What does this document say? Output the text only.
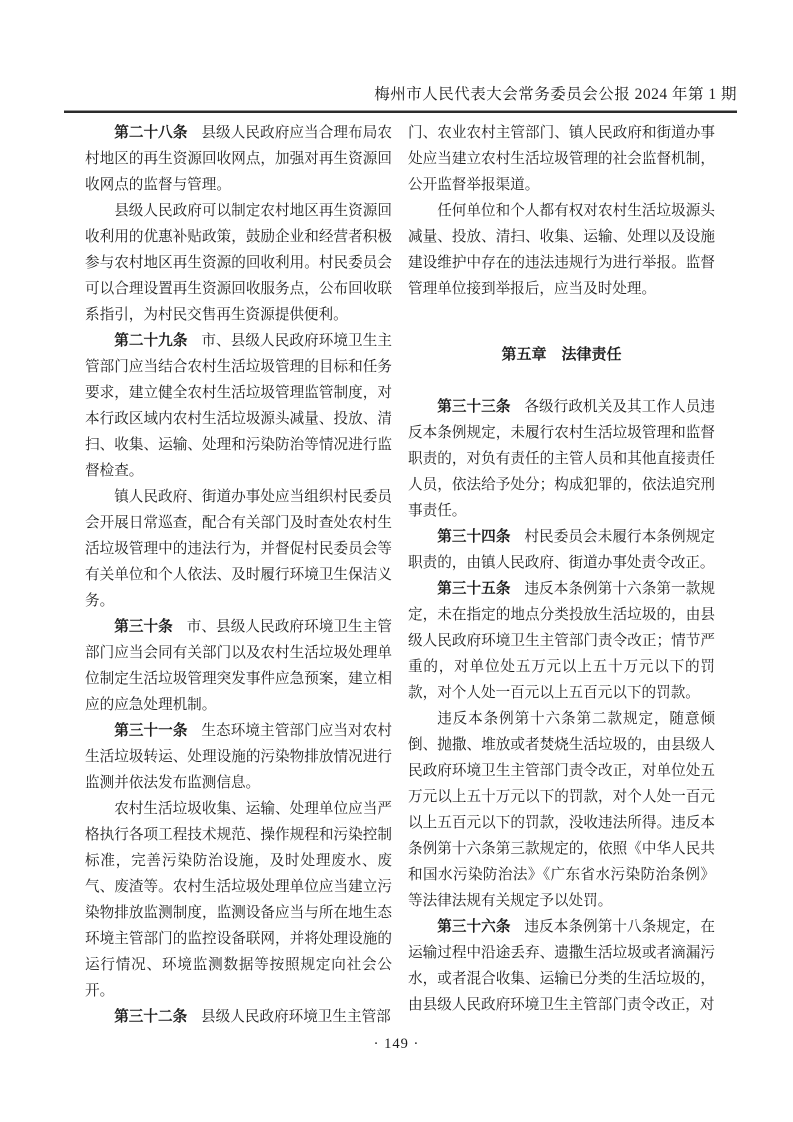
梅州市人民代表大会常务委员会公报 2024 年第 1 期

第二十八条 县级人民政府应当合理布局农村地区的再生资源回收网点，加强对再生资源回收网点的监督与管理。

县级人民政府可以制定农村地区再生资源回收利用的优惠补贴政策，鼓励企业和经营者积极参与农村地区再生资源的回收利用。村民委员会可以合理设置再生资源回收服务点，公布回收联系指引，为村民交售再生资源提供便利。

第二十九条 市、县级人民政府环境卫生主管部门应当结合农村生活垃圾管理的目标和任务要求，建立健全农村生活垃圾管理监管制度，对本行政区域内农村生活垃圾源头减量、投放、清扫、收集、运输、处理和污染防治等情况进行监督检查。

镇人民政府、街道办事处应当组织村民委员会开展日常巡查，配合有关部门及时查处农村生活垃圾管理中的违法行为，并督促村民委员会等有关单位和个人依法、及时履行环境卫生保洁义务。

第三十条 市、县级人民政府环境卫生主管部门应当会同有关部门以及农村生活垃圾处理单位制定生活垃圾管理突发事件应急预案，建立相应的应急处理机制。

第三十一条 生态环境主管部门应当对农村生活垃圾转运、处理设施的污染物排放情况进行监测并依法发布监测信息。

农村生活垃圾收集、运输、处理单位应当严格执行各项工程技术规范、操作规程和污染控制标准，完善污染防治设施，及时处理废水、废气、废渣等。农村生活垃圾处理单位应当建立污染物排放监测制度，监测设备应当与所在地生态环境主管部门的监控设备联网，并将处理设施的运行情况、环境监测数据等按照规定向社会公开。

第三十二条 县级人民政府环境卫生主管部

门、农业农村主管部门、镇人民政府和街道办事处应当建立农村生活垃圾管理的社会监督机制，公开监督举报渠道。

任何单位和个人都有权对农村生活垃圾源头减量、投放、清扫、收集、运输、处理以及设施建设维护中存在的违法违规行为进行举报。监督管理单位接到举报后，应当及时处理。

第五章　法律责任

第三十三条 各级行政机关及其工作人员违反本条例规定，未履行农村生活垃圾管理和监督职责的，对负有责任的主管人员和其他直接责任人员，依法给予处分；构成犯罪的，依法追究刑事责任。

第三十四条 村民委员会未履行本条例规定职责的，由镇人民政府、街道办事处责令改正。

第三十五条 违反本条例第十六条第一款规定，未在指定的地点分类投放生活垃圾的，由县级人民政府环境卫生主管部门责令改正；情节严重的，对单位处五万元以上五十万元以下的罚款，对个人处一百元以上五百元以下的罚款。

违反本条例第十六条第二款规定，随意倾倒、抛撒、堆放或者焚烧生活垃圾的，由县级人民政府环境卫生主管部门责令改正，对单位处五万元以上五十万元以下的罚款，对个人处一百元以上五百元以下的罚款，没收违法所得。违反本条例第十六条第三款规定的，依照《中华人民共和国水污染防治法》《广东省水污染防治条例》等法律法规有关规定予以处罚。

第三十六条 违反本条例第十八条规定，在运输过程中沿途丢弃、遗撒生活垃圾或者滴漏污水，或者混合收集、运输已分类的生活垃圾的，由县级人民政府环境卫生主管部门责令改正，对

· 149 ·
